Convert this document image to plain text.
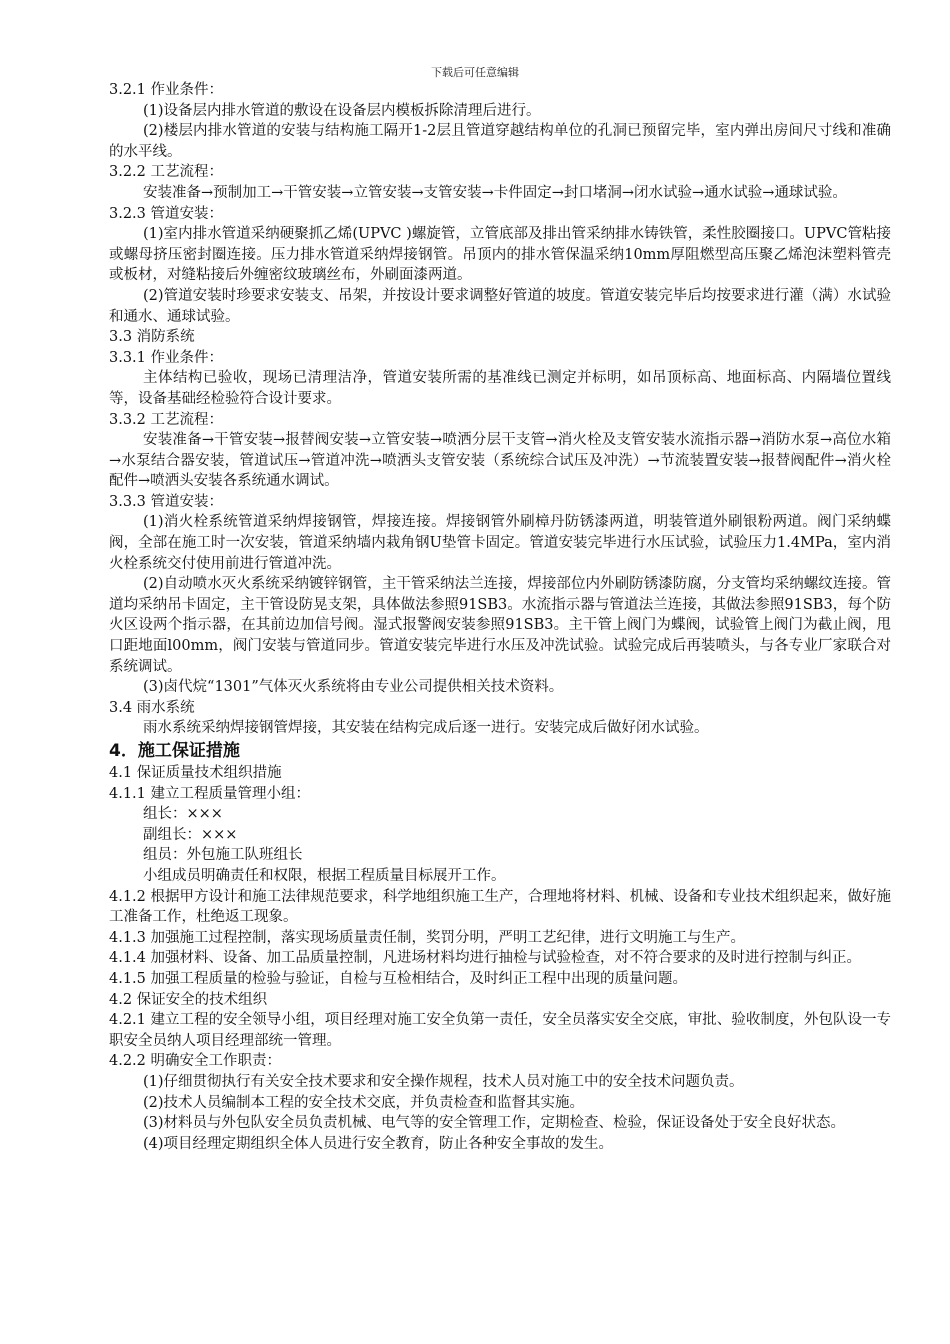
下载后可任意编辑

3.2.1 作业条件：

(1)设备层内排水管道的敷设在设备层内模板拆除清理后进行。

(2)楼层内排水管道的安装与结构施工隔开1-2层且管道穿越结构单位的孔洞已预留完毕，室内弹出房间尺寸线和准确的水平线。

3.2.2 工艺流程：

安装准备→预制加工→干管安装→立管安装→支管安装→卡件固定→封口堵洞→闭水试验→通水试验→通球试验。

3.2.3 管道安装：

(1)室内排水管道采纳硬聚抓乙烯(UPVC )螺旋管，立管底部及排出管采纳排水铸铁管，柔性胶圈接口。UPVC管粘接或螺母挤压密封圈连接。压力排水管道采纳焊接钢管。吊顶内的排水管保温采纳10mm厚阻燃型高压聚乙烯泡沫塑料管壳或板材，对缝粘接后外缠密纹玻璃丝布，外刷面漆两道。

(2)管道安装时珍要求安装支、吊架，并按设计要求调整好管道的坡度。管道安装完毕后均按要求进行灌（满）水试验和通水、通球试验。

3.3 消防系统

3.3.1 作业条件：

主体结构已验收，现场已清理洁净，管道安装所需的基准线已测定并标明，如吊顶标高、地面标高、内隔墙位置线等，设备基础经检验符合设计要求。

3.3.2 工艺流程：

安装准备→干管安装→报替阀安装→立管安装→喷洒分层干支管→消火栓及支管安装水流指示器→消防水泵→高位水箱→水泵结合器安装，管道试压→管道冲洗→喷洒头支管安装（系统综合试压及冲洗）→节流装置安装→报替阀配件→消火栓配件→喷洒头安装各系统通水调试。

3.3.3 管道安装：

(1)消火栓系统管道采纳焊接钢管，焊接连接。焊接钢管外刷樟丹防锈漆两道，明装管道外刷银粉两道。阀门采纳蝶阀，全部在施工时一次安装，管道采纳墙内栽角钢U垫管卡固定。管道安装完毕进行水压试验，试验压力1.4MPa，室内消火栓系统交付使用前进行管道冲洗。

(2)自动喷水灭火系统采纳镀锌钢管，主干管采纳法兰连接，焊接部位内外刷防锈漆防腐，分支管均采纳螺纹连接。管道均采纳吊卡固定，主干管设防晃支架，具体做法参照91SB3。水流指示器与管道法兰连接，其做法参照91SB3，每个防火区设两个指示器，在其前边加信号阀。湿式报警阀安装参照91SB3。主干管上阀门为蝶阀，试验管上阀门为截止阀，甩口距地面l00mm，阀门安装与管道同步。管道安装完毕进行水压及冲洗试验。试验完成后再装喷头，与各专业厂家联合对系统调试。

(3)卤代烷“1301”气体灭火系统将由专业公司提供相关技术资料。

3.4 雨水系统

雨水系统采纳焊接钢管焊接，其安装在结构完成后逐一进行。安装完成后做好闭水试验。

4．施工保证措施

4.1 保证质量技术组织措施

4.1.1 建立工程质量管理小组：

组长：×××

副组长：×××

组员：外包施工队班组长

小组成员明确责任和权限，根据工程质量目标展开工作。

4.1.2 根据甲方设计和施工法律规范要求，科学地组织施工生产，合理地将材料、机械、设备和专业技术组织起来，做好施工准备工作，杜绝返工现象。

4.1.3 加强施工过程控制，落实现场质量责任制，奖罚分明，严明工艺纪律，进行文明施工与生产。

4.1.4 加强材料、设备、加工品质量控制，凡进场材料均进行抽检与试验检查，对不符合要求的及时进行控制与纠正。

4.1.5 加强工程质量的检验与验证，自检与互检相结合，及时纠正工程中出现的质量问题。

4.2 保证安全的技术组织

4.2.1 建立工程的安全领导小组，项目经理对施工安全负第一责任，安全员落实安全交底，审批、验收制度，外包队设一专职安全员纳人项目经理部统一管理。

4.2.2 明确安全工作职责：

(1)仔细贯彻执行有关安全技术要求和安全操作规程，技术人员对施工中的安全技术问题负责。

(2)技术人员编制本工程的安全技术交底，并负责检查和监督其实施。

(3)材料员与外包队安全员负责机械、电气等的安全管理工作，定期检查、检验，保证设备处于安全良好状态。

(4)项目经理定期组织全体人员进行安全教育，防止各种安全事故的发生。
